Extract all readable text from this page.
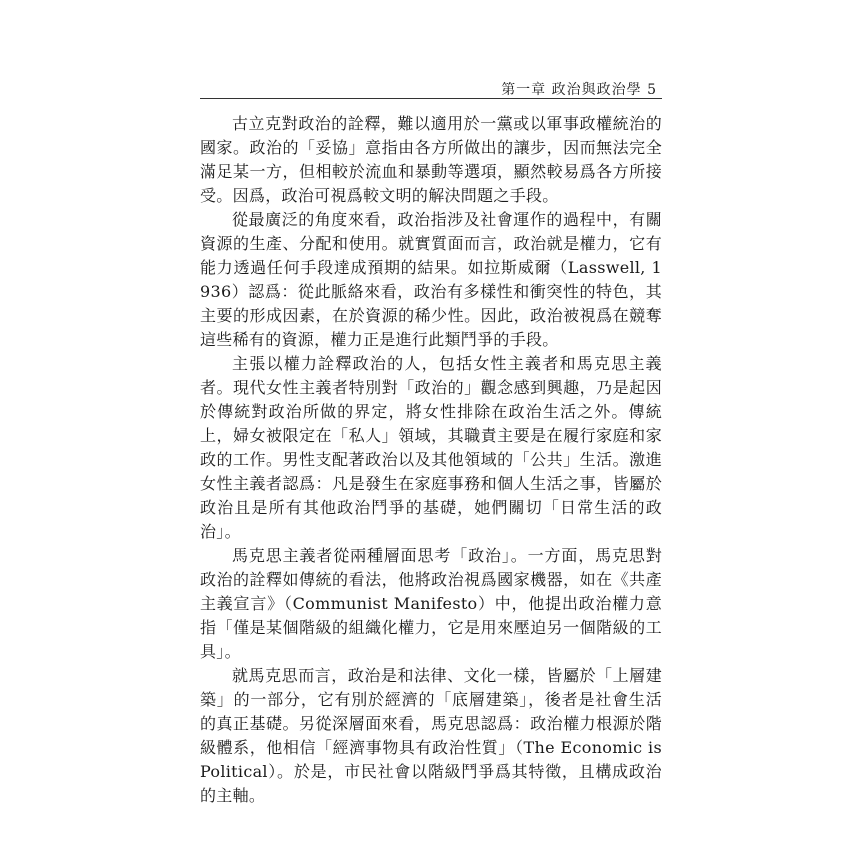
第一章 政治與政治學 5

古立克對政治的詮釋，難以適用於一黨或以軍事政權統治的國家。政治的「妥協」意指由各方所做出的讓步，因而無法完全滿足某一方，但相較於流血和暴動等選項，顯然較易爲各方所接受。因爲，政治可視爲較文明的解決問題之手段。

從最廣泛的角度來看，政治指涉及社會運作的過程中，有關資源的生產、分配和使用。就實質面而言，政治就是權力，它有能力透過任何手段達成預期的結果。如拉斯威爾（Lasswell, 1936）認爲：從此脈絡來看，政治有多樣性和衝突性的特色，其主要的形成因素，在於資源的稀少性。因此，政治被視爲在競奪這些稀有的資源，權力正是進行此類鬥爭的手段。

主張以權力詮釋政治的人，包括女性主義者和馬克思主義者。現代女性主義者特別對「政治的」觀念感到興趣，乃是起因於傳統對政治所做的界定，將女性排除在政治生活之外。傳統上，婦女被限定在「私人」領域，其職責主要是在履行家庭和家政的工作。男性支配著政治以及其他領域的「公共」生活。激進女性主義者認爲：凡是發生在家庭事務和個人生活之事，皆屬於政治且是所有其他政治鬥爭的基礎，她們關切「日常生活的政治」。

馬克思主義者從兩種層面思考「政治」。一方面，馬克思對政治的詮釋如傳統的看法，他將政治視爲國家機器，如在《共產主義宣言》（Communist Manifesto）中，他提出政治權力意指「僅是某個階級的組織化權力，它是用來壓迫另一個階級的工具」。

就馬克思而言，政治是和法律、文化一樣，皆屬於「上層建築」的一部分，它有別於經濟的「底層建築」，後者是社會生活的真正基礎。另從深層面來看，馬克思認爲：政治權力根源於階級體系，他相信「經濟事物具有政治性質」（The Economic is Political）。於是，市民社會以階級鬥爭爲其特徵，且構成政治的主軸。
